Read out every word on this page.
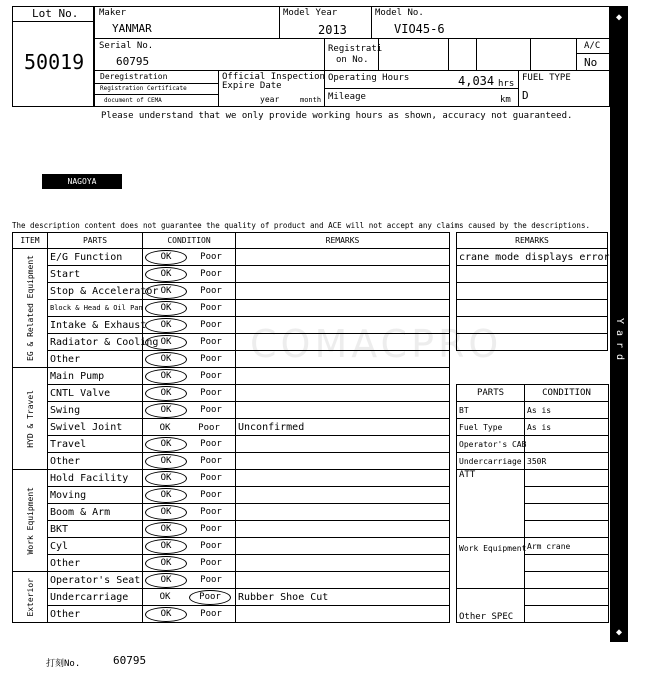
Lot No.
50019
Maker
YANMAR
Model Year
2013
Model No.
VIO45-6
Serial No.
60795
Registrati
on No.
A/C
No
Deregistration
Registration Certificate
document of CEMA
Official Inspection
Expire Date
year	month
Operating Hours	4,034 hrs
Mileage	km
FUEL TYPE
D
Please understand that we only provide working hours as shown, accuracy not guaranteed.
NAGOYA
The description content does not guarantee the quality of product and ACE will not accept any claims caused by the descriptions.
ITEM	PARTS	CONDITION	REMARKS

EG & Related Equipment	E/G Function	OK Poor	
	Start	OK Poor	
	Stop & Accelerator	OK Poor	
	Block & Head & Oil Pan	OK Poor	
	Intake & Exhaust	OK Poor	
	Radiator & Cooling	OK Poor	
	Other	OK Poor	

HYD & Travel	Main Pump	OK Poor	
	CNTL Valve	OK Poor	
	Swing	OK Poor	
	Swivel Joint	OK Poor	Unconfirmed
	Travel	OK Poor	
	Other	OK Poor	

Work Equipment	Hold Facility	OK Poor	
	Moving	OK Poor	
	Boom & Arm	OK Poor	
	BKT	OK Poor	
	Cyl	OK Poor	
	Other	OK Poor	

Exterior	Operator's Seat	OK Poor	
	Undercarriage	OK Poor	Rubber Shoe Cut
	Other	OK Poor	
REMARKS
crane mode displays error

PARTS	CONDITION
BT	As is
Fuel Type	As is
Operator's CAB	
Undercarriage	350R
ATT	

Work Equipment	Arm crane

Other SPEC	

COMACPRO
◆
Please note that this machine is located in Nagoya Yard
◆
打刻No.	60795
